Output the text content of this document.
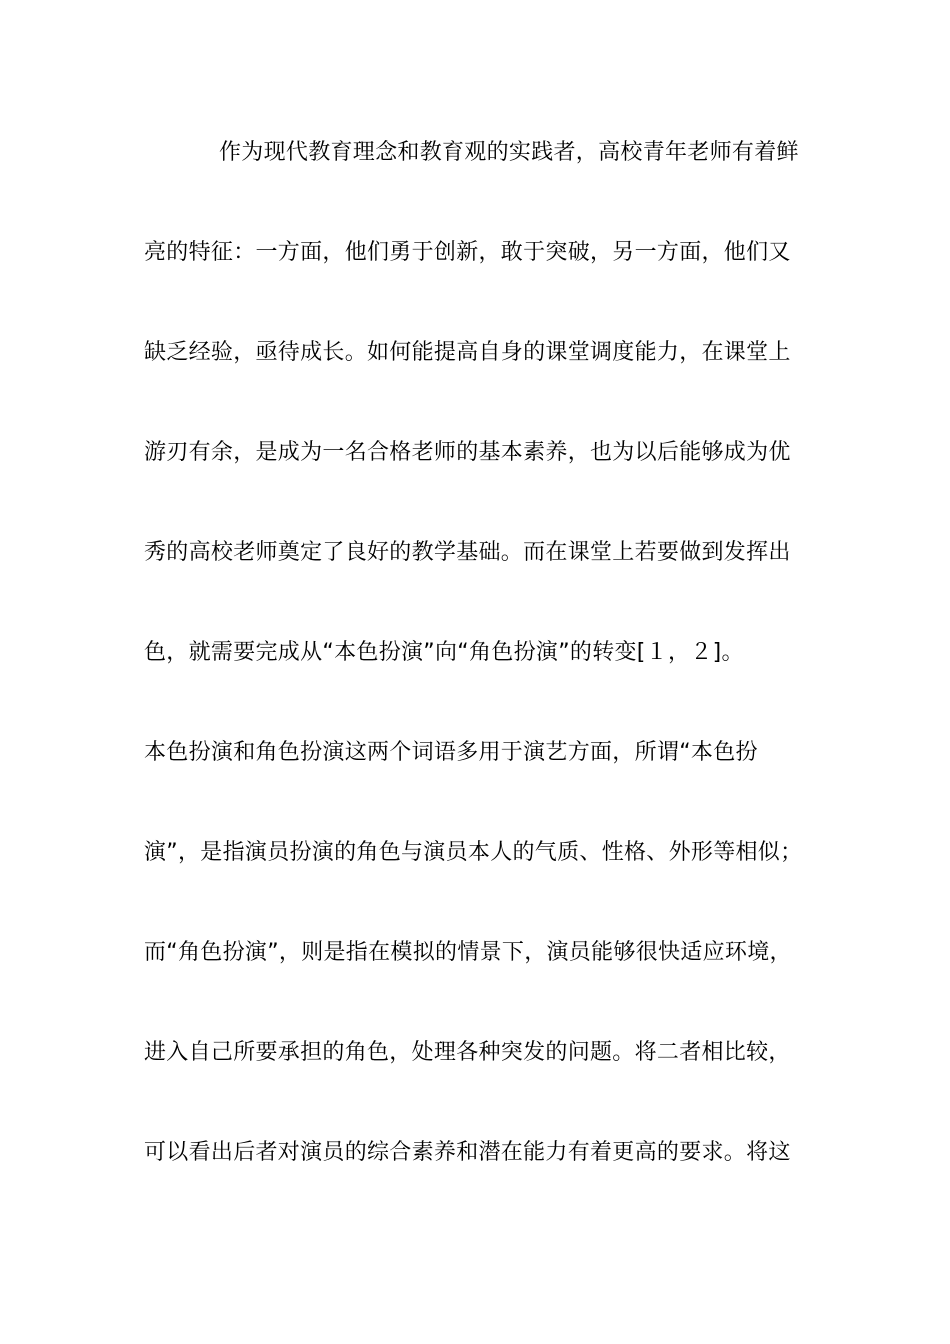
作为现代教育理念和教育观的实践者，高校青年老师有着鲜
亮的特征：一方面，他们勇于创新，敢于突破，另一方面，他们又
缺乏经验，亟待成长。如何能提高自身的课堂调度能力，在课堂上
游刃有余，是成为一名合格老师的基本素养，也为以后能够成为优
秀的高校老师奠定了良好的教学基础。而在课堂上若要做到发挥出
色，就需要完成从“本色扮演”向“角色扮演”的转变[１，２]。
本色扮演和角色扮演这两个词语多用于演艺方面，所谓“本色扮
演”，是指演员扮演的角色与演员本人的气质、性格、外形等相似；
而“角色扮演”，则是指在模拟的情景下，演员能够很快适应环境，
进入自己所要承担的角色，处理各种突发的问题。将二者相比较，
可以看出后者对演员的综合素养和潜在能力有着更高的要求。将这
